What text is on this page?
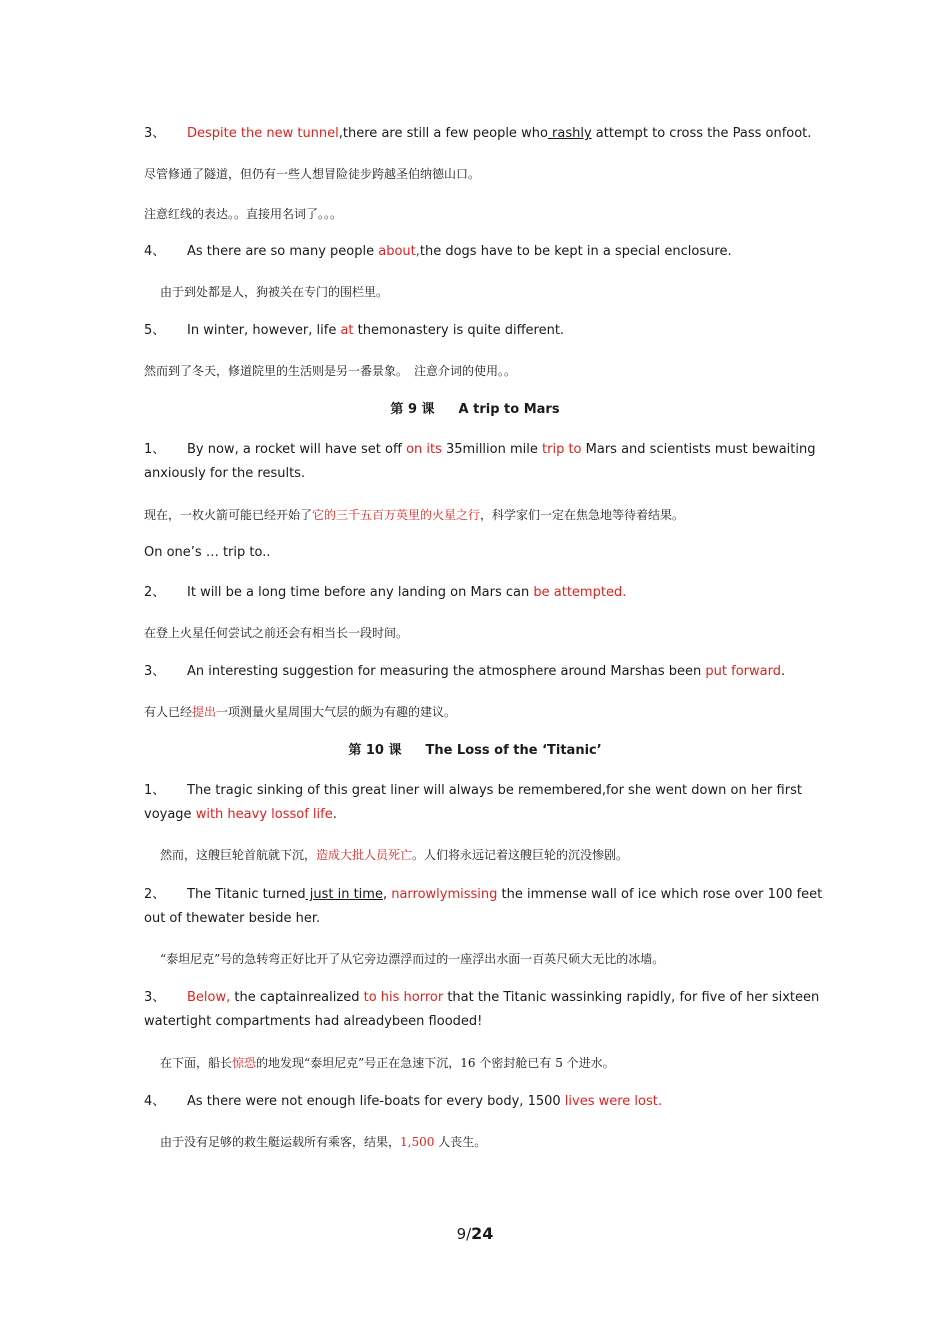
3、 Despite the new tunnel,there are still a few people who rashly attempt to cross the Pass onfoot.
尽管修通了隧道，但仍有一些人想冒险徒步跨越圣伯纳德山口。
注意红线的表达。。直接用名词了。。。
4、 As there are so many people about,the dogs have to be kept in a special enclosure.
由于到处都是人，狗被关在专门的围栏里。
5、 In winter, however, life at themonastery is quite different.
然而到了冬天，修道院里的生活则是另一番景象。　注意介词的使用。。
第 9 课 A trip to Mars
1、 By now, a rocket will have set off on its 35million mile trip to Mars and scientists must bewaiting anxiously for the results.
现在，一枚火箭可能已经开始了它的三千五百万英里的火星之行，科学家们一定在焦急地等待着结果。
On one’s … trip to..
2、 It will be a long time before any landing on Mars can be attempted.
在登上火星任何尝试之前还会有相当长一段时间。
3、 An interesting suggestion for measuring the atmosphere around Marshas been put forward.
有人已经提出一项测量火星周围大气层的颇为有趣的建议。
第 10 课 The Loss of the ‘Titanic’
1、 The tragic sinking of this great liner will always be remembered,for she went down on her first voyage with heavy lossof life.
然而，这艘巨轮首航就下沉，造成大批人员死亡。人们将永远记着这艘巨轮的沉没惨剧。
2、 The Titanic turned just in time, narrowlymissing the immense wall of ice which rose over 100 feet out of thewater beside her.
“泰坦尼克”号的急转弯正好比开了从它旁边漂浮而过的一座浮出水面一百英尺硕大无比的冰墙。
3、 Below, the captainrealized to his horror that the Titanic wassinking rapidly, for five of her sixteen watertight compartments had alreadybeen flooded!
在下面，船长惊恐的地发现“泰坦尼克”号正在急速下沉，16 个密封舱已有 5 个进水。
4、 As there were not enough life-boats for every body, 1500 lives were lost.
由于没有足够的救生艇运载所有乘客，结果，1,500 人丧生。
9/24
